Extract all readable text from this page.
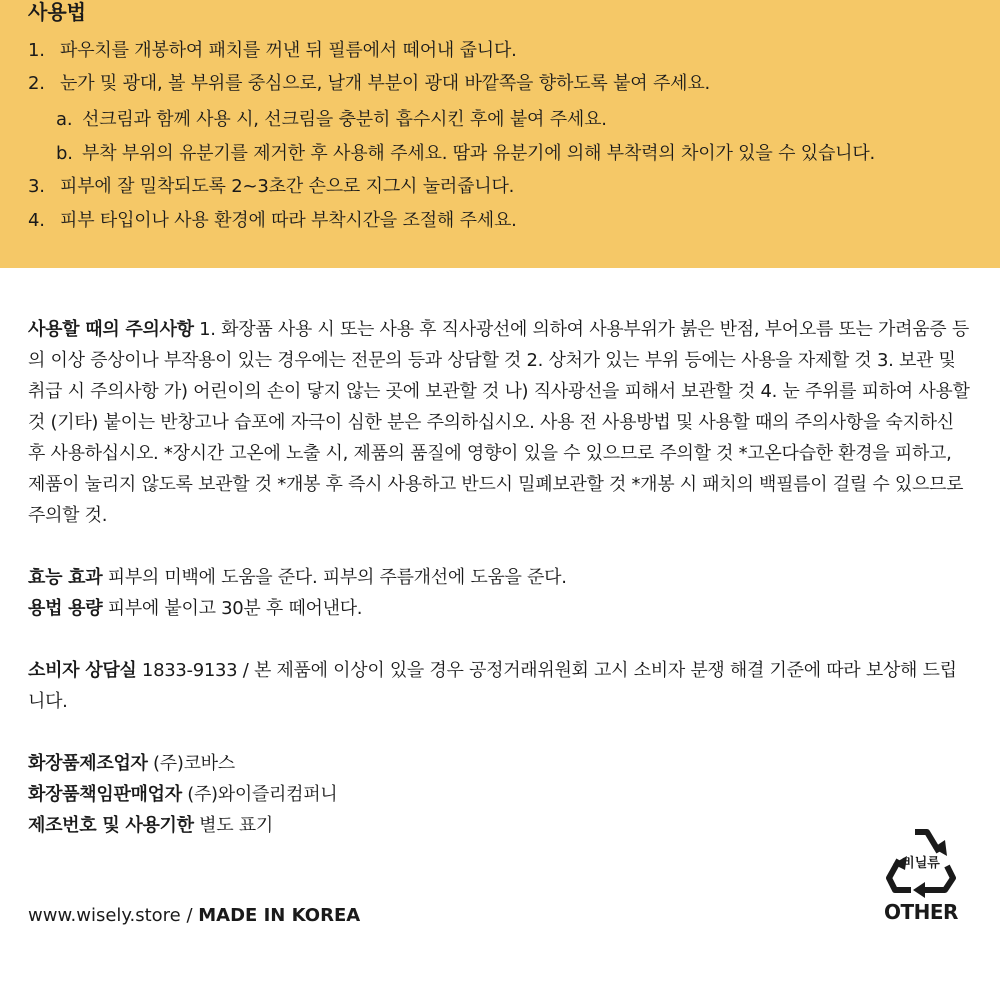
사용법
1. 파우치를 개봉하여 패치를 꺼낸 뒤 필름에서 떼어내 줍니다.
2. 눈가 및 광대, 볼 부위를 중심으로, 날개 부분이 광대 바깥쪽을 향하도록 붙여 주세요.
a. 선크림과 함께 사용 시, 선크림을 충분히 흡수시킨 후에 붙여 주세요.
b. 부착 부위의 유분기를 제거한 후 사용해 주세요. 땀과 유분기에 의해 부착력의 차이가 있을 수 있습니다.
3. 피부에 잘 밀착되도록 2~3초간 손으로 지그시 눌러줍니다.
4. 피부 타입이나 사용 환경에 따라 부착시간을 조절해 주세요.

사용할 때의 주의사항 1. 화장품 사용 시 또는 사용 후 직사광선에 의하여 사용부위가 붉은 반점, 부어오름 또는 가려움증 등의 이상 증상이나 부작용이 있는 경우에는 전문의 등과 상담할 것 2. 상처가 있는 부위 등에는 사용을 자제할 것 3. 보관 및 취급 시 주의사항 가) 어린이의 손이 닿지 않는 곳에 보관할 것 나) 직사광선을 피해서 보관할 것 4. 눈 주위를 피하여 사용할 것 (기타) 붙이는 반창고나 습포에 자극이 심한 분은 주의하십시오. 사용 전 사용방법 및 사용할 때의 주의사항을 숙지하신 후 사용하십시오. *장시간 고온에 노출 시, 제품의 품질에 영향이 있을 수 있으므로 주의할 것 *고온다습한 환경을 피하고, 제품이 눌리지 않도록 보관할 것 *개봉 후 즉시 사용하고 반드시 밀폐보관할 것 *개봉 시 패치의 백필름이 걸릴 수 있으므로 주의할 것.

효능 효과 피부의 미백에 도움을 준다. 피부의 주름개선에 도움을 준다.

용법 용량 피부에 붙이고 30분 후 떼어낸다.

소비자 상담실 1833-9133 / 본 제품에 이상이 있을 경우 공정거래위원회 고시 소비자 분쟁 해결 기준에 따라 보상해 드립니다.

화장품제조업자 (주)코바스

화장품책임판매업자 (주)와이즐리컴퍼니

제조번호 및 사용기한 별도 표기

www.wisely.store / MADE IN KOREA
비닐류
OTHER
